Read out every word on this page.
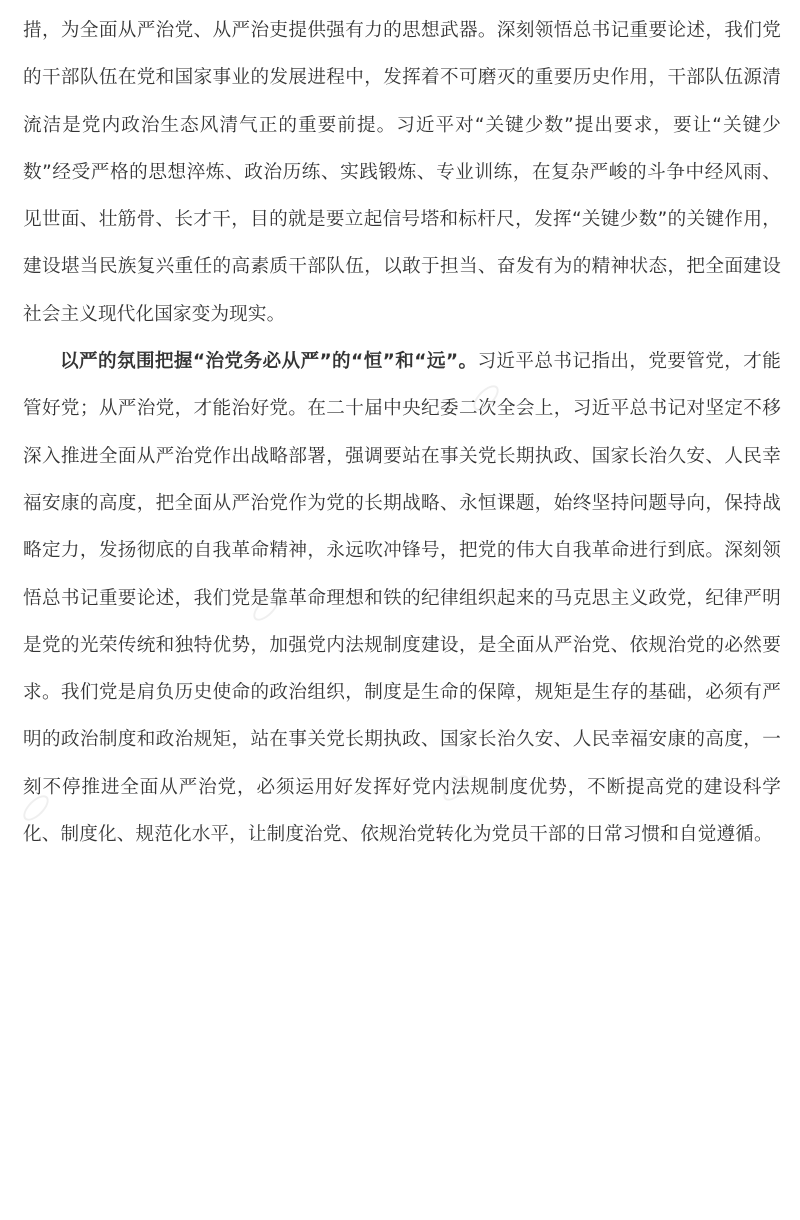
措，为全面从严治党、从严治吏提供强有力的思想武器。深刻领悟总书记重要论述，我们党的干部队伍在党和国家事业的发展进程中，发挥着不可磨灭的重要历史作用，干部队伍源清流洁是党内政治生态风清气正的重要前提。习近平对“关键少数”提出要求，要让“关键少数”经受严格的思想淬炼、政治历练、实践锻炼、专业训练，在复杂严峻的斗争中经风雨、见世面、壮筋骨、长才干，目的就是要立起信号塔和标杆尺，发挥“关键少数”的关键作用，建设堪当民族复兴重任的高素质干部队伍，以敢于担当、奋发有为的精神状态，把全面建设社会主义现代化国家变为现实。

以严的氛围把握“治党务必从严”的“恒”和“远”。习近平总书记指出，党要管党，才能管好党；从严治党，才能治好党。在二十届中央纪委二次全会上，习近平总书记对坚定不移深入推进全面从严治党作出战略部署，强调要站在事关党长期执政、国家长治久安、人民幸福安康的高度，把全面从严治党作为党的长期战略、永恒课题，始终坚持问题导向，保持战略定力，发扬彻底的自我革命精神，永远吹冲锋号，把党的伟大自我革命进行到底。深刻领悟总书记重要论述，我们党是靠革命理想和铁的纪律组织起来的马克思主义政党，纪律严明是党的光荣传统和独特优势，加强党内法规制度建设，是全面从严治党、依规治党的必然要求。我们党是肩负历史使命的政治组织，制度是生命的保障，规矩是生存的基础，必须有严明的政治制度和政治规矩，站在事关党长期执政、国家长治久安、人民幸福安康的高度，一刻不停推进全面从严治党，必须运用好发挥好党内法规制度优势，不断提高党的建设科学化、制度化、规范化水平，让制度治党、依规治党转化为党员干部的日常习惯和自觉遵循。
